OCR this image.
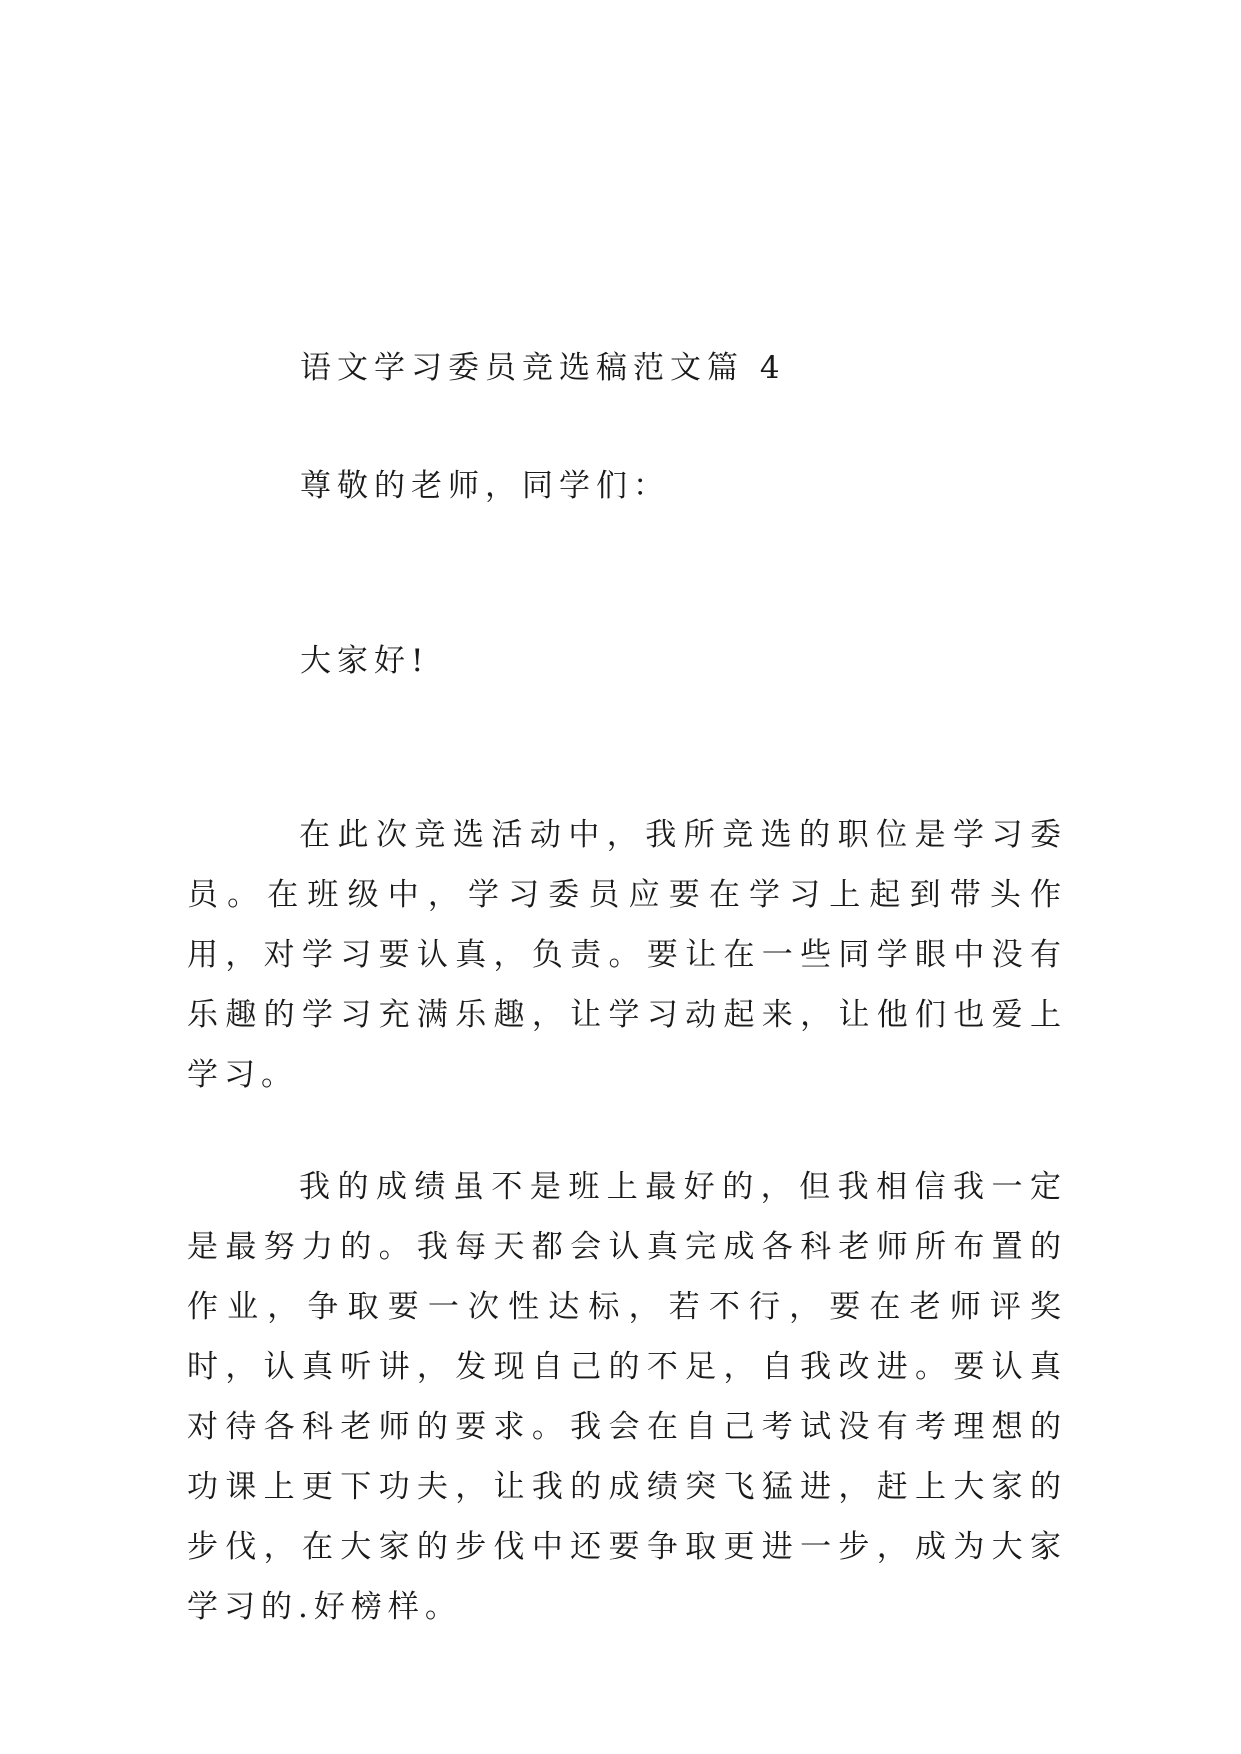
语文学习委员竞选稿范文篇 4
尊敬的老师，同学们：
大家好!
在此次竞选活动中，我所竞选的职位是学习委员。在班级中，学习委员应要在学习上起到带头作用，对学习要认真，负责。要让在一些同学眼中没有乐趣的学习充满乐趣，让学习动起来，让他们也爱上学习。
我的成绩虽不是班上最好的，但我相信我一定是最努力的。我每天都会认真完成各科老师所布置的作业，争取要一次性达标，若不行，要在老师评奖时，认真听讲，发现自己的不足，自我改进。要认真对待各科老师的要求。我会在自己考试没有考理想的功课上更下功夫，让我的成绩突飞猛进，赶上大家的步伐，在大家的步伐中还要争取更进一步，成为大家学习的.好榜样。
